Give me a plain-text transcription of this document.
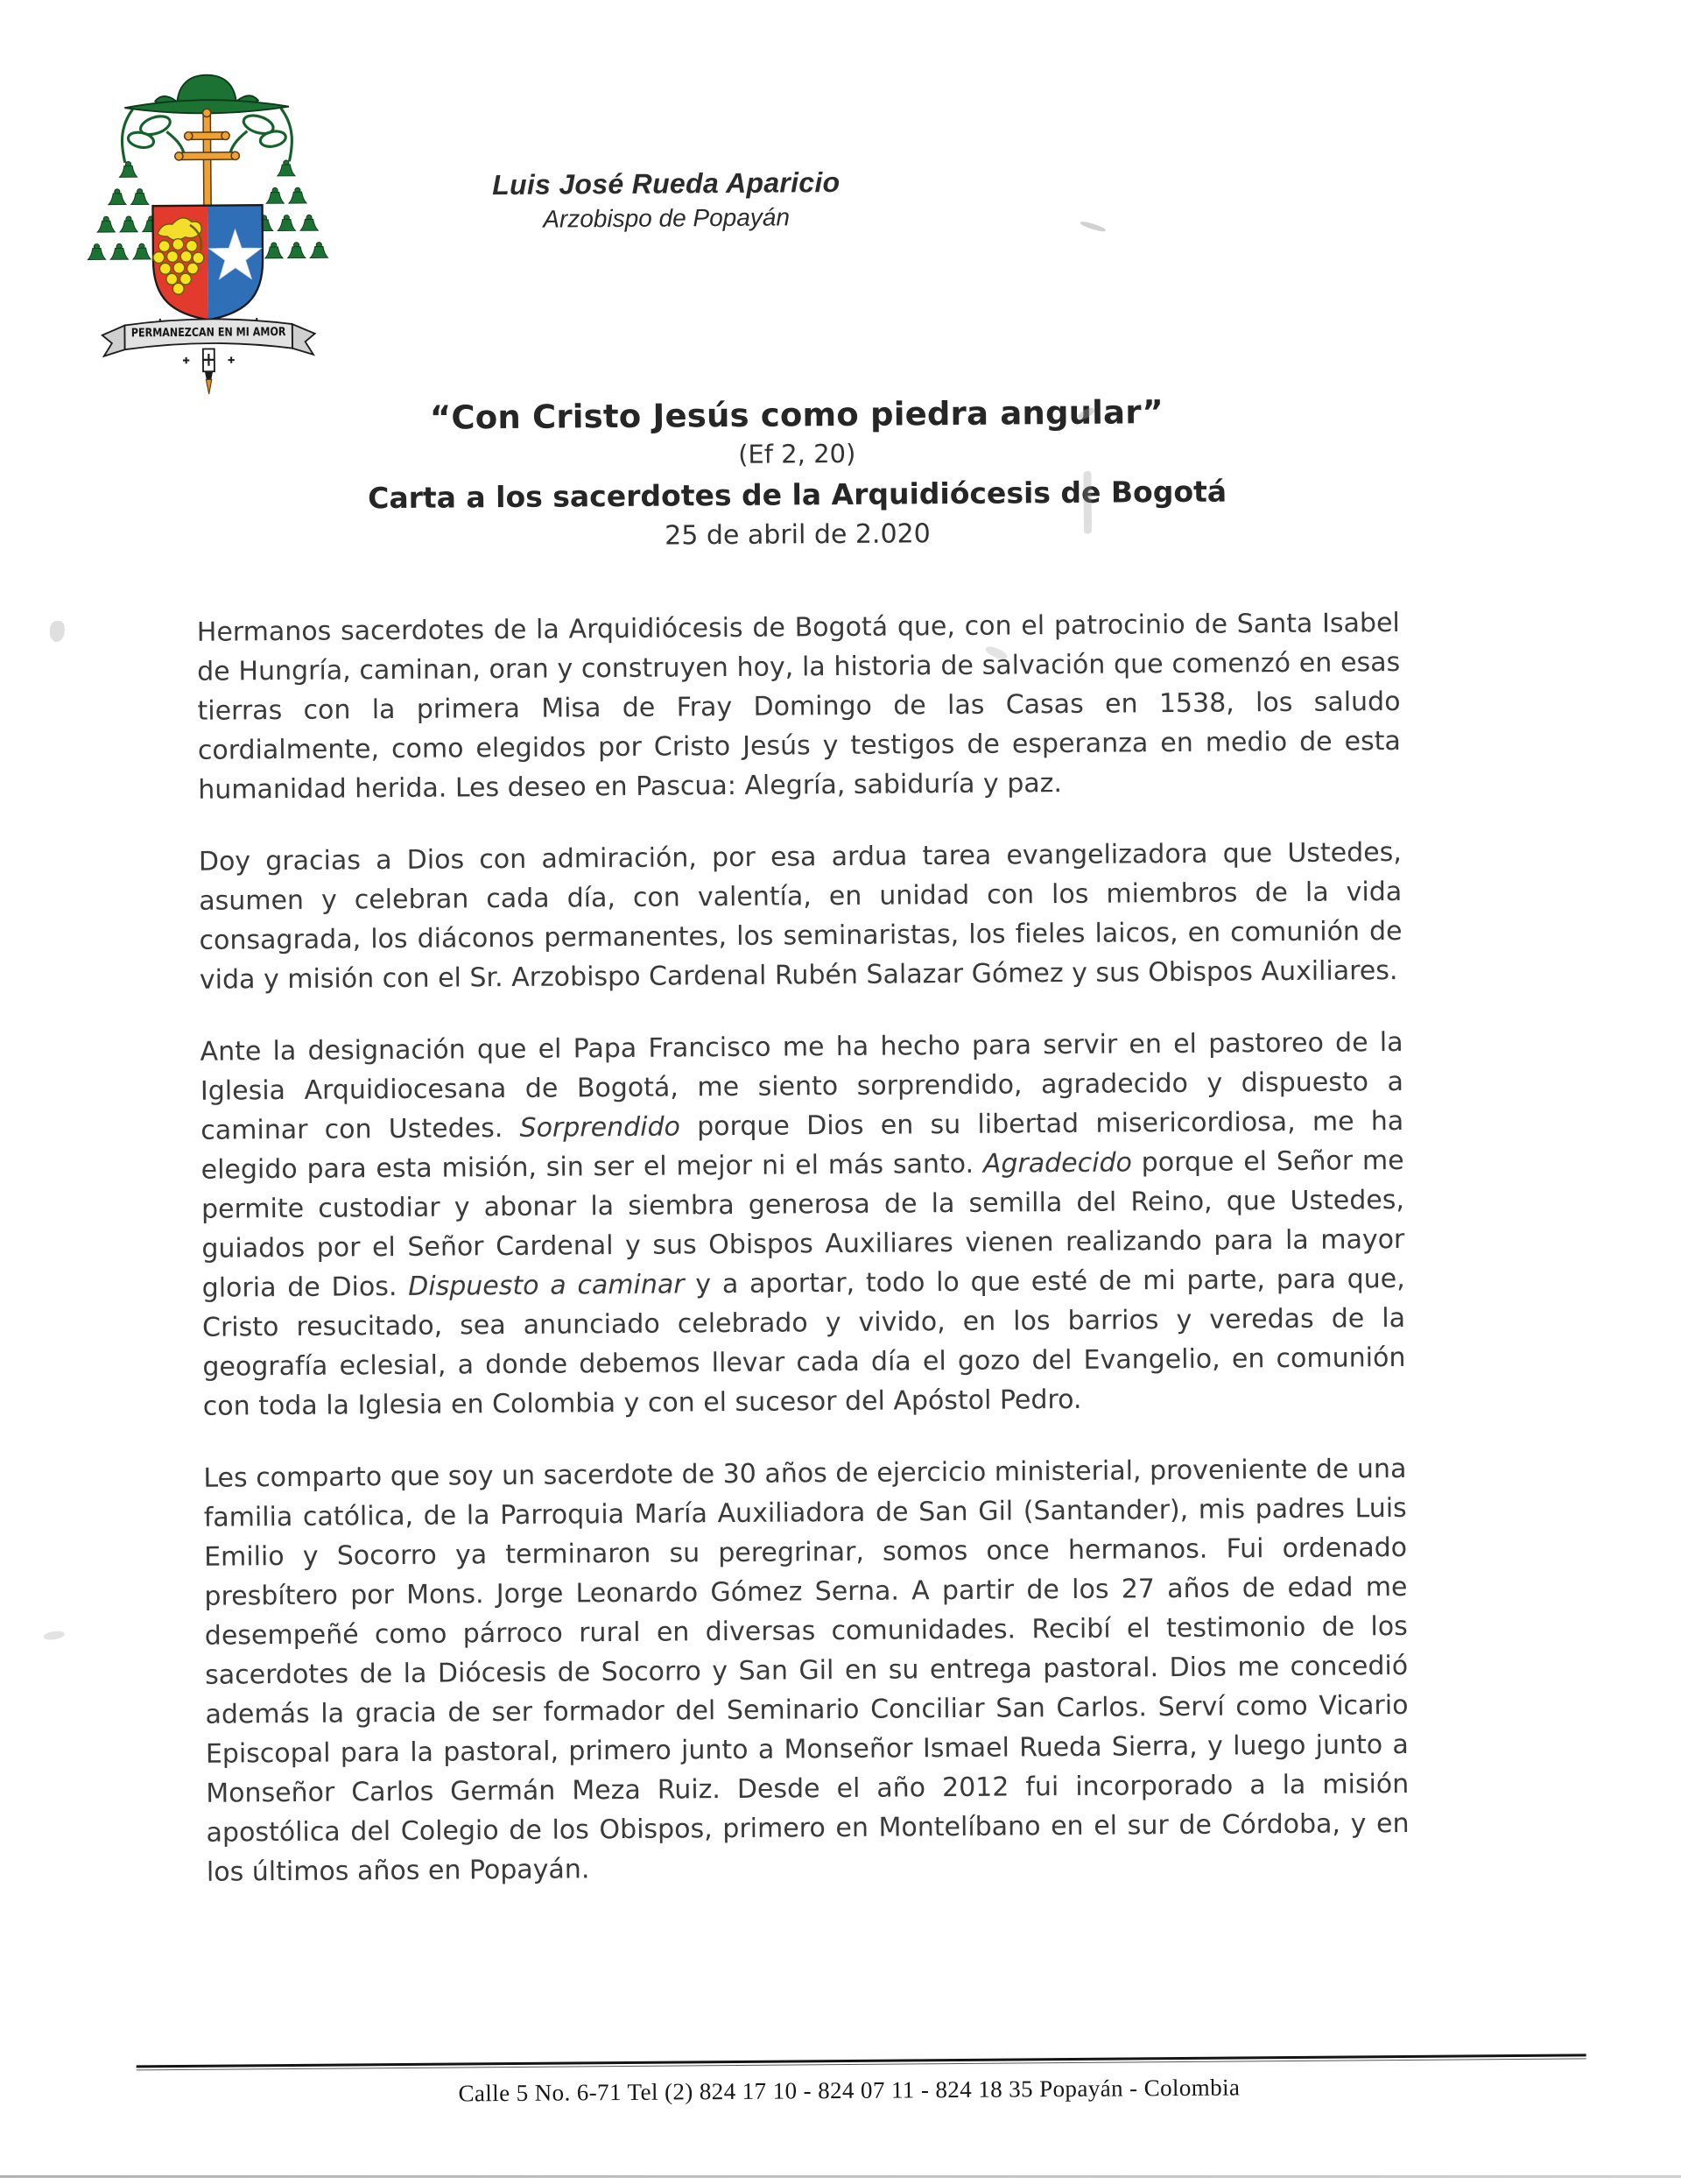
PERMANEZCAN EN MI AMOR
Luis José Rueda Aparicio
Arzobispo de Popayán
“Con Cristo Jesús como piedra angular”
(Ef 2, 20)
Carta a los sacerdotes de la Arquidiócesis de Bogotá
25 de abril de 2.020

Hermanos sacerdotes de la Arquidiócesis de Bogotá que, con el patrocinio de Santa Isabel de Hungría, caminan, oran y construyen hoy, la historia de salvación que comenzó en esas tierras con la primera Misa de Fray Domingo de las Casas en 1538, los saludo cordialmente, como elegidos por Cristo Jesús y testigos de esperanza en medio de esta humanidad herida. Les deseo en Pascua: Alegría, sabiduría y paz.

Doy gracias a Dios con admiración, por esa ardua tarea evangelizadora que Ustedes, asumen y celebran cada día, con valentía, en unidad con los miembros de la vida consagrada, los diáconos permanentes, los seminaristas, los fieles laicos, en comunión de vida y misión con el Sr. Arzobispo Cardenal Rubén Salazar Gómez y sus Obispos Auxiliares.

Ante la designación que el Papa Francisco me ha hecho para servir en el pastoreo de la Iglesia Arquidiocesana de Bogotá, me siento sorprendido, agradecido y dispuesto a caminar con Ustedes. Sorprendido porque Dios en su libertad misericordiosa, me ha elegido para esta misión, sin ser el mejor ni el más santo. Agradecido porque el Señor me permite custodiar y abonar la siembra generosa de la semilla del Reino, que Ustedes, guiados por el Señor Cardenal y sus Obispos Auxiliares vienen realizando para la mayor gloria de Dios. Dispuesto a caminar y a aportar, todo lo que esté de mi parte, para que, Cristo resucitado, sea anunciado celebrado y vivido, en los barrios y veredas de la geografía eclesial, a donde debemos llevar cada día el gozo del Evangelio, en comunión con toda la Iglesia en Colombia y con el sucesor del Apóstol Pedro.

Les comparto que soy un sacerdote de 30 años de ejercicio ministerial, proveniente de una familia católica, de la Parroquia María Auxiliadora de San Gil (Santander), mis padres Luis Emilio y Socorro ya terminaron su peregrinar, somos once hermanos. Fui ordenado presbítero por Mons. Jorge Leonardo Gómez Serna. A partir de los 27 años de edad me desempeñé como párroco rural en diversas comunidades. Recibí el testimonio de los sacerdotes de la Diócesis de Socorro y San Gil en su entrega pastoral. Dios me concedió además la gracia de ser formador del Seminario Conciliar San Carlos. Serví como Vicario Episcopal para la pastoral, primero junto a Monseñor Ismael Rueda Sierra, y luego junto a Monseñor Carlos Germán Meza Ruiz. Desde el año 2012 fui incorporado a la misión apostólica del Colegio de los Obispos, primero en Montelíbano en el sur de Córdoba, y en los últimos años en Popayán.

Calle 5 No. 6-71 Tel (2) 824 17 10 - 824 07 11 - 824 18 35 Popayán - Colombia
